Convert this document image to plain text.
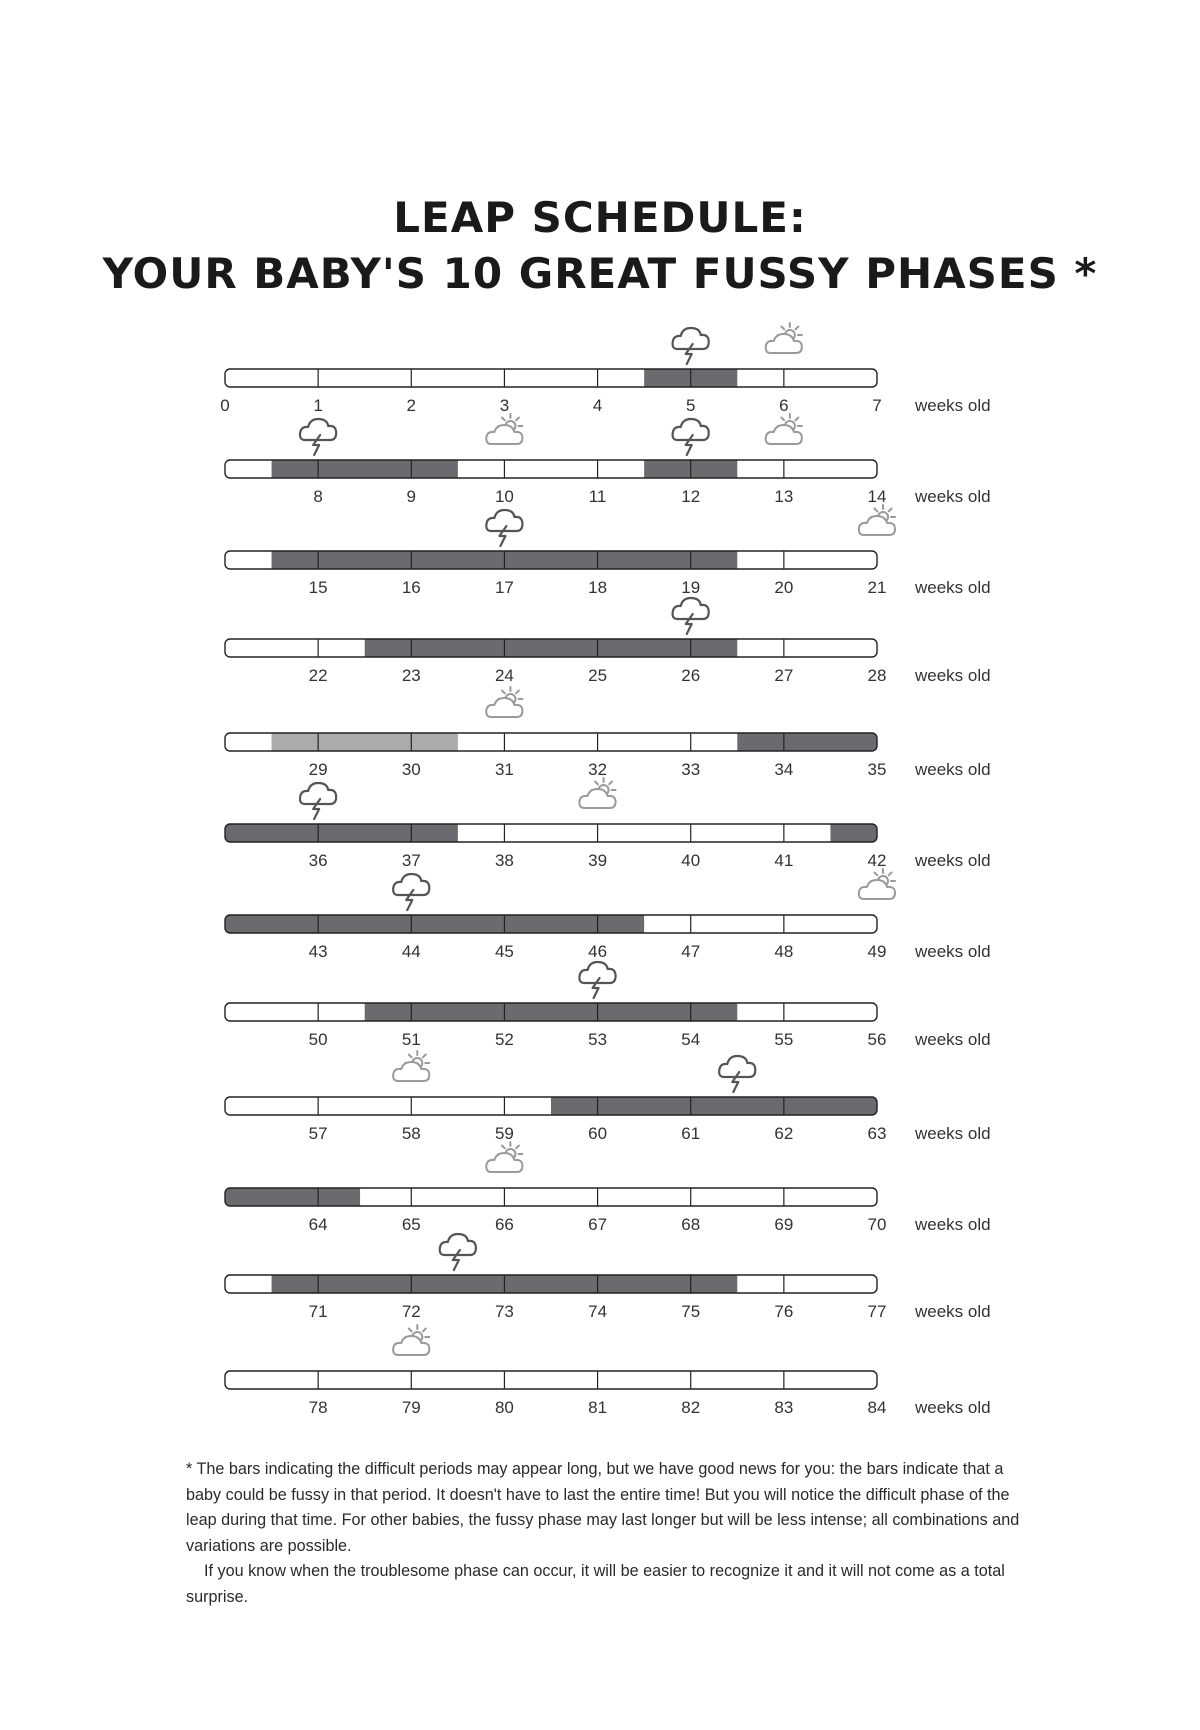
LEAP SCHEDULE:
YOUR BABY'S 10 GREAT FUSSY PHASES *
0	1	2	3	4	5	6	7 weeks old
8	9	10	11	12	13	14 weeks old
15	16	17	18	19	20	21 weeks old
22	23	24	25	26	27	28 weeks old
29	30	31	32	33	34	35 weeks old
36	37	38	39	40	41	42 weeks old
43	44	45	46	47	48	49 weeks old
50	51	52	53	54	55	56 weeks old
57	58	59	60	61	62	63 weeks old
64	65	66	67	68	69	70 weeks old
71	72	73	74	75	76	77 weeks old
78	79	80	81	82	83	84 weeks old

* The bars indicating the difficult periods may appear long, but we have good news for you: the bars indicate that a baby could be fussy in that period. It doesn't have to last the entire time! But you will notice the difficult phase of the leap during that time. For other babies, the fussy phase may last longer but will be less intense; all combinations and variations are possible.

If you know when the troublesome phase can occur, it will be easier to recognize it and it will not come as a total surprise.
